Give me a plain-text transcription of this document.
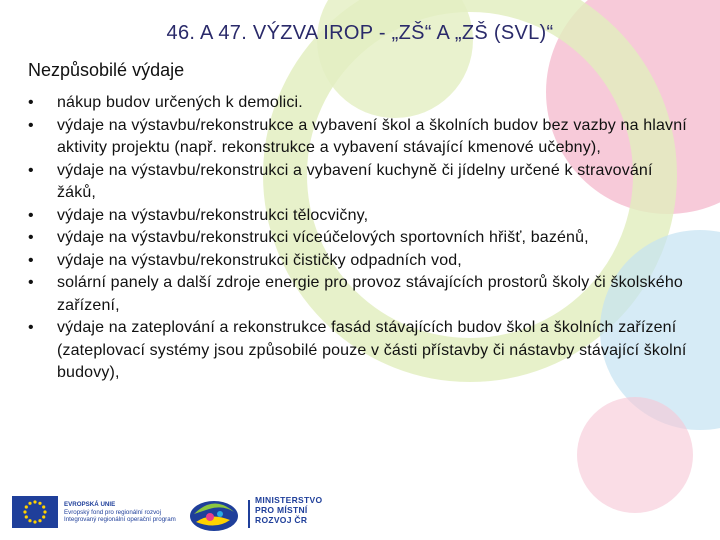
46. A 47. VÝZVA IROP - „ZŠ“ A „ZŠ (SVL)“
Nezpůsobilé výdaje
• nákup budov určených k demolici.
• výdaje na výstavbu/rekonstrukce a vybavení škol a školních budov bez vazby na hlavní aktivity projektu (např. rekonstrukce a vybavení stávající kmenové učebny),
• výdaje na výstavbu/rekonstrukci a vybavení kuchyně či jídelny určené k stravování žáků,
• výdaje na výstavbu/rekonstrukci tělocvičny,
• výdaje na výstavbu/rekonstrukci víceúčelových sportovních hřišť, bazénů,
• výdaje na výstavbu/rekonstrukci čističky odpadních vod,
• solární panely a další zdroje energie pro provoz stávajících prostorů školy či školského zařízení,
• výdaje na zateplování a rekonstrukce fasád stávajících budov škol a školních zařízení (zateplovací systémy jsou způsobilé pouze v části přístavby či nástavby stávající školní budovy),
EVROPSKÁ UNIE
Evropský fond pro regionální rozvoj
Integrovaný regionální operační program
MINISTERSTVO
PRO MÍSTNÍ
ROZVOJ ČR
